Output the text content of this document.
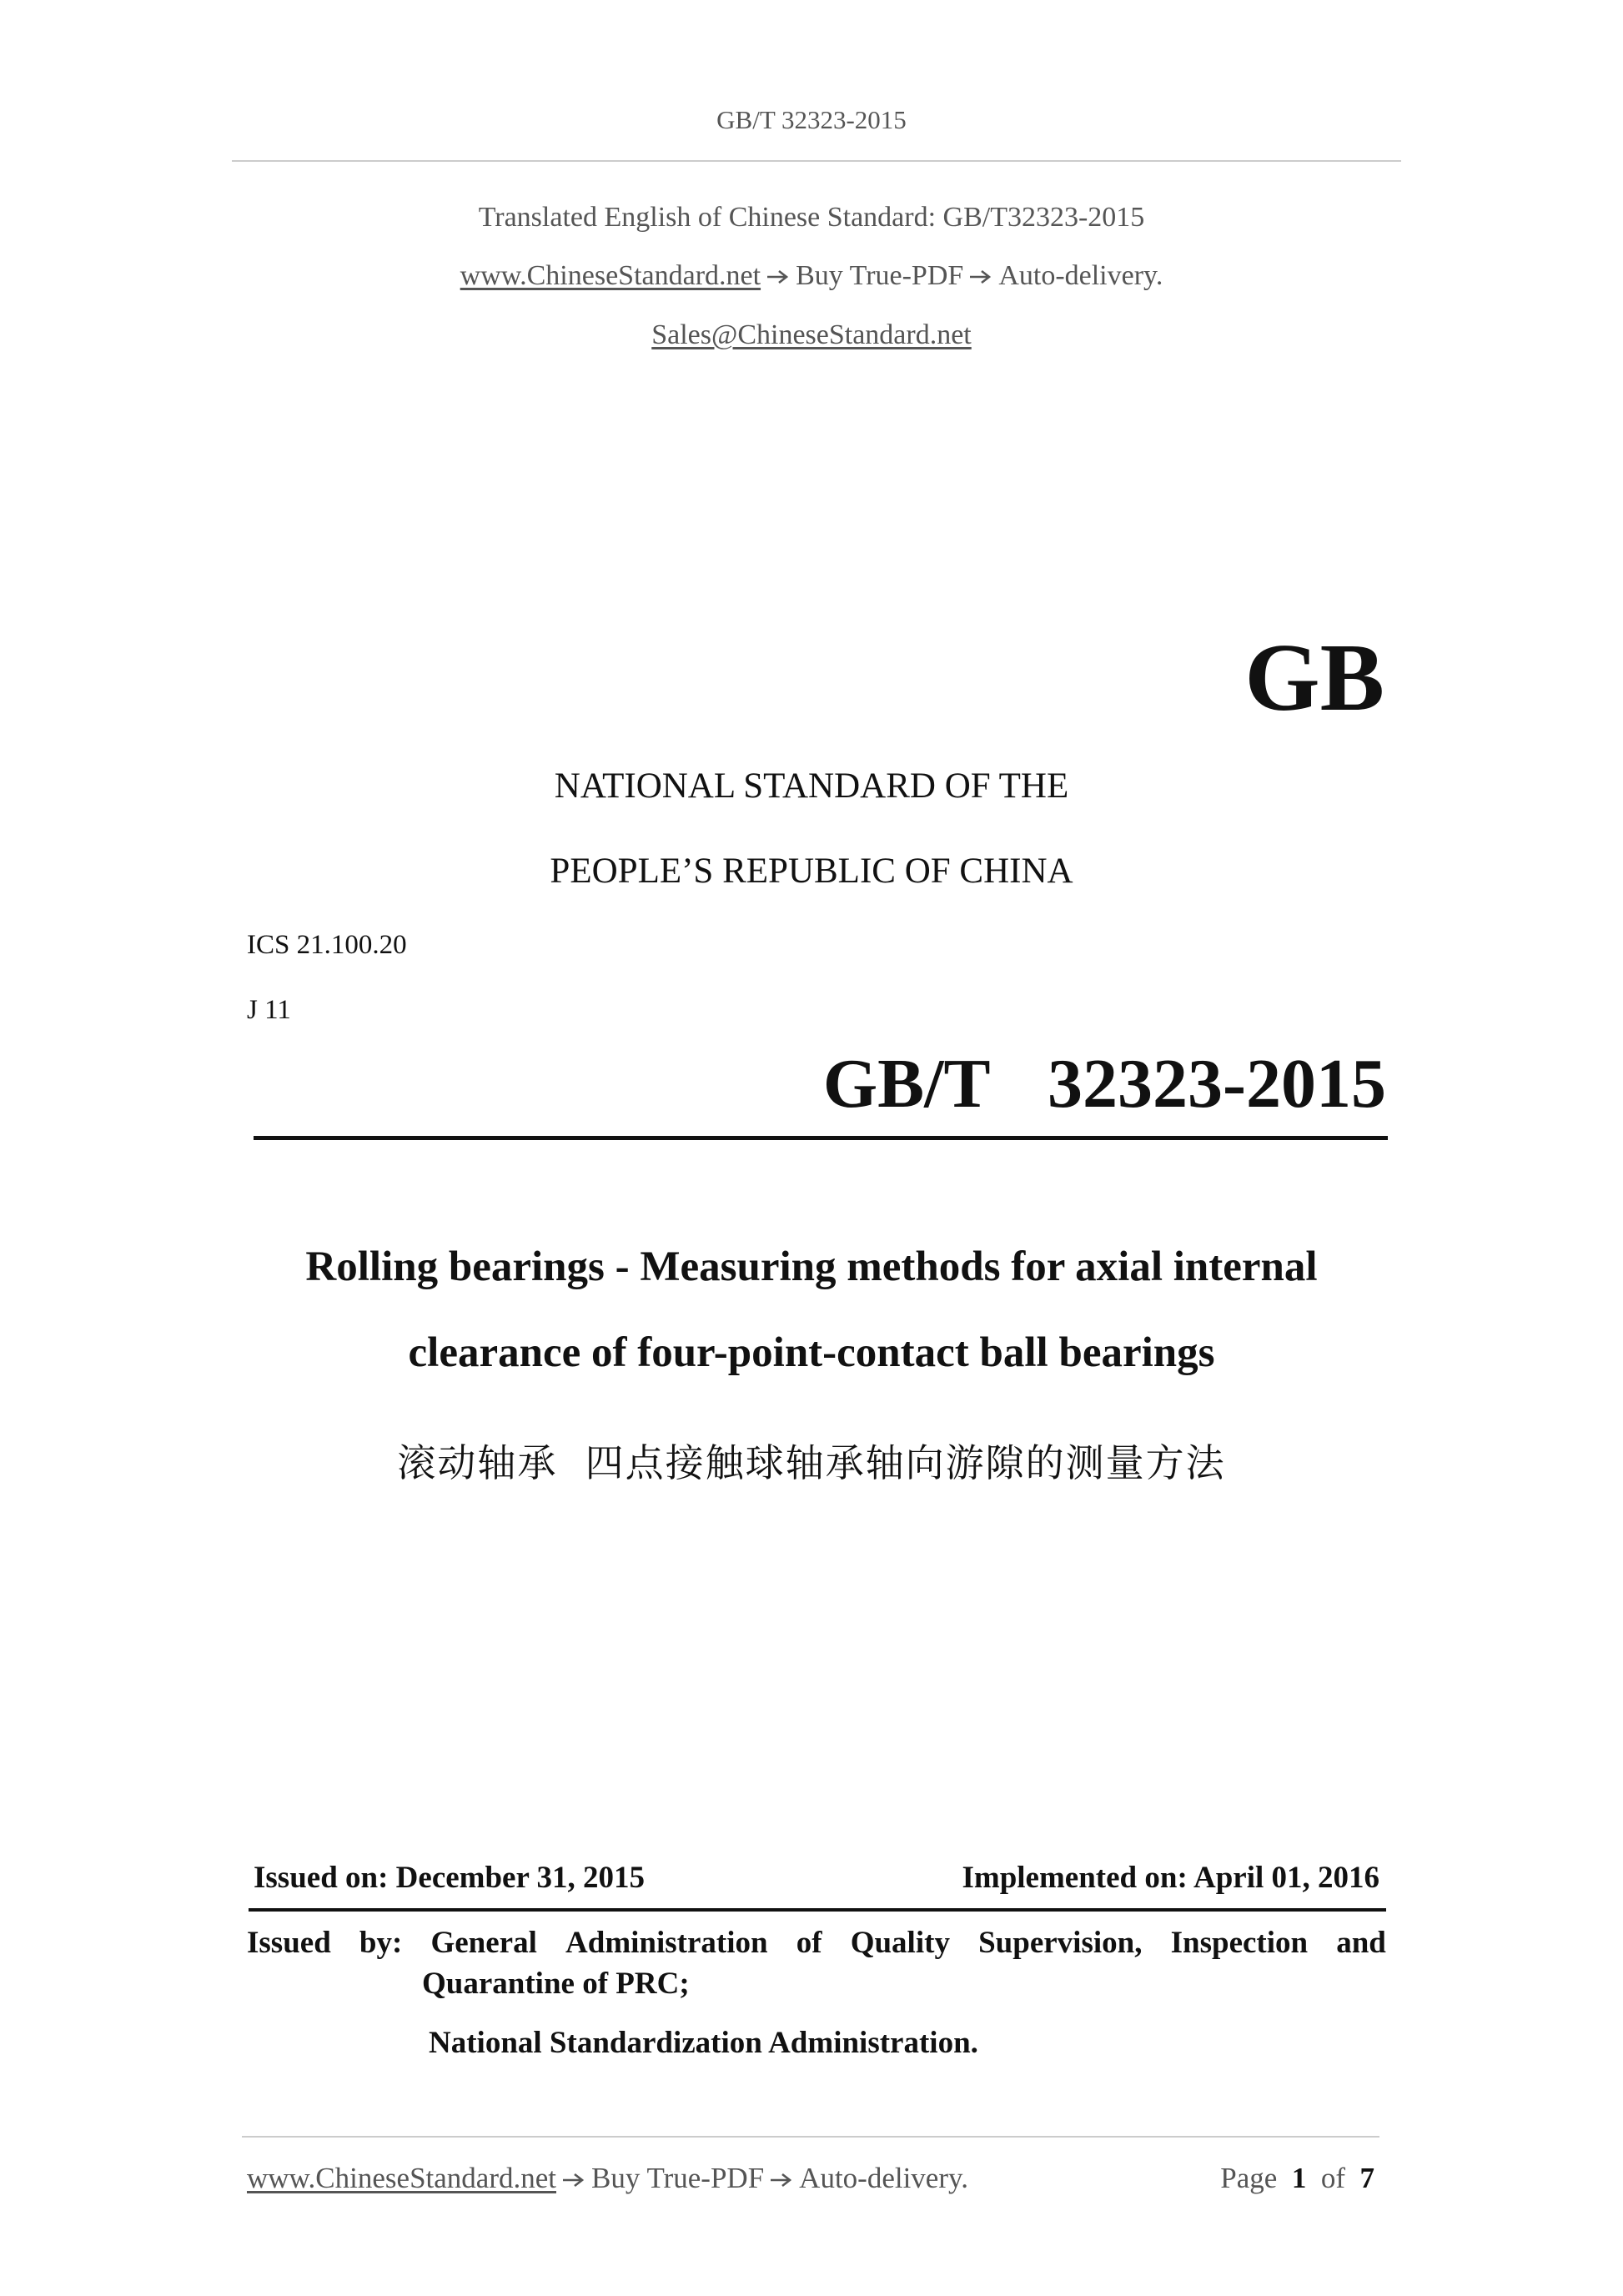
GB/T 32323-2015
Translated English of Chinese Standard: GB/T32323-2015
www.ChineseStandard.net Buy True-PDF Auto-delivery.
Sales@ChineseStandard.net
GB
NATIONAL STANDARD OF THE
PEOPLE’S REPUBLIC OF CHINA
ICS 21.100.20
J 11
GB/T  32323-2015
Rolling bearings - Measuring methods for axial internal
clearance of four-point-contact ball bearings
滚动轴承  四点接触球轴承轴向游隙的测量方法
Issued on: December 31, 2015	Implemented on: April 01, 2016
Issued by: General Administration of Quality Supervision, Inspection and
Quarantine of PRC;
National Standardization Administration.
www.ChineseStandard.net Buy True-PDF Auto-delivery.	Page 1 of 7
